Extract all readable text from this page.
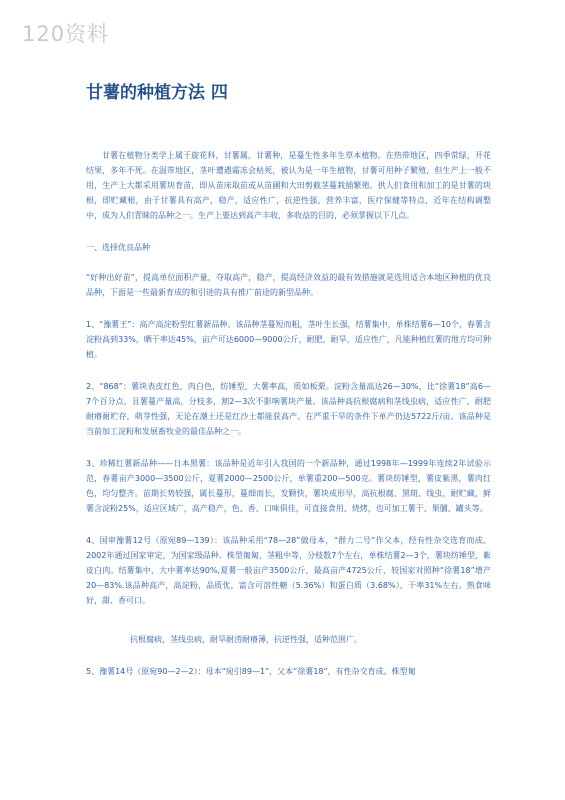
120资料
甘薯的种植方法 四

甘薯在植物分类学上属于旋花科，甘薯属，甘薯种，是蔓生性多年生草本植物。在热带地区，四季常绿，开花结果，多年不死。在温带地区，茎叶遭遇霜冻会枯死，被认为是一年生植物，甘薯可用种子繁殖，但生产上一般不用，生产上大都采用薯块育苗，即从苗床取苗或从苗圃和大田剪截茎蔓栽插繁殖。供人们食用和加工的是甘薯的块根，即贮藏根，由于甘薯具有高产，稳产，适应性广，抗逆性强，营养丰富，医疗保健等特点，近年在结构调整中，成为人们青睐的品种之一。生产上要达到高产丰收，多收益的目的，必须掌握以下几点。

一、选择优良品种

“好种出好苗”，提高单位面积产量，夺取高产，稳产，提高经济效益的最有效措施就是选用适合本地区种植的优良品种，下面是一些最新育成的和引进的具有推广前途的新型品种。

1、“豫薯王”：高产高淀粉型红薯新品种。该品种茎蔓短而粗，茎叶生长强，结薯集中，单株结薯6—10个，春薯含淀粉高到33%，晒干率达45%，亩产可达6000—9000公斤，耐肥，耐旱，适应性广，凡能种植红薯的地方均可种植。

2、“868”：薯块表皮红色，肉白色，纺锤型，大薯率高，质如板栗。淀粉含量高达26—30%，比“徐薯18”高6—7个百分点，且薯蔓产量高，分枝多，割2—3次不影响薯块产量。该品种高抗根腐病和茎线虫病，适应性广，耐肥耐瘠耐贮存，萌芽性强，无论在潮土还是红沙土都能获高产。在严重干旱的条件下单产仍达5722斤/亩。该品种是当前加工淀粉和发展畜牧业的最佳品种之一。

3、珍稀红薯新品种——日本黑薯：该品种是近年引入我国的一个新品种，通过1998年—1999年连续2年试验示范，春薯亩产3000—3500公斤，夏薯2000—2500公斤，单薯重200—500克。薯块纺锤型，薯皮紫黑，薯肉红色，均匀整齐。苗期长势较强，属长蔓形，蔓细而长，发颗快，薯块成形早，高抗根腐、黑斑、线虫，耐贮藏，鲜薯含淀粉25%，适应区域广，高产稳产，色、香、口味俱佳，可直接食用、烧烤，也可加工薯干、果脯、罐头等。

4、国审豫薯12号（原宛89—139）：该品种采用“78—28”做母本，“群力二号”作父本，经有性杂交选育而成。2002年通过国家审定，为国家级品种。株型匍匐，茎粗中等，分枝数7个左右，单株结薯2—3个，薯块纺锤型，紫皮白肉。结薯集中，大中薯率达90%,夏薯一般亩产3500公斤，最高亩产4725公斤，较国家对照种“徐薯18”增产20—83%.该品种高产，高淀粉，品质优，富含可溶性糖（5.36%）和蛋白质（3.68%），干率31%左右。熟食味好，甜、香可口。

抗根腐病，茎线虫病，耐旱耐涝耐瘠薄，抗逆性强，适种范围广。

5、豫薯14号（原宛90—2—2）：母本“宛引89—1”，父本“徐薯18”，有性杂交育成。株型匍
